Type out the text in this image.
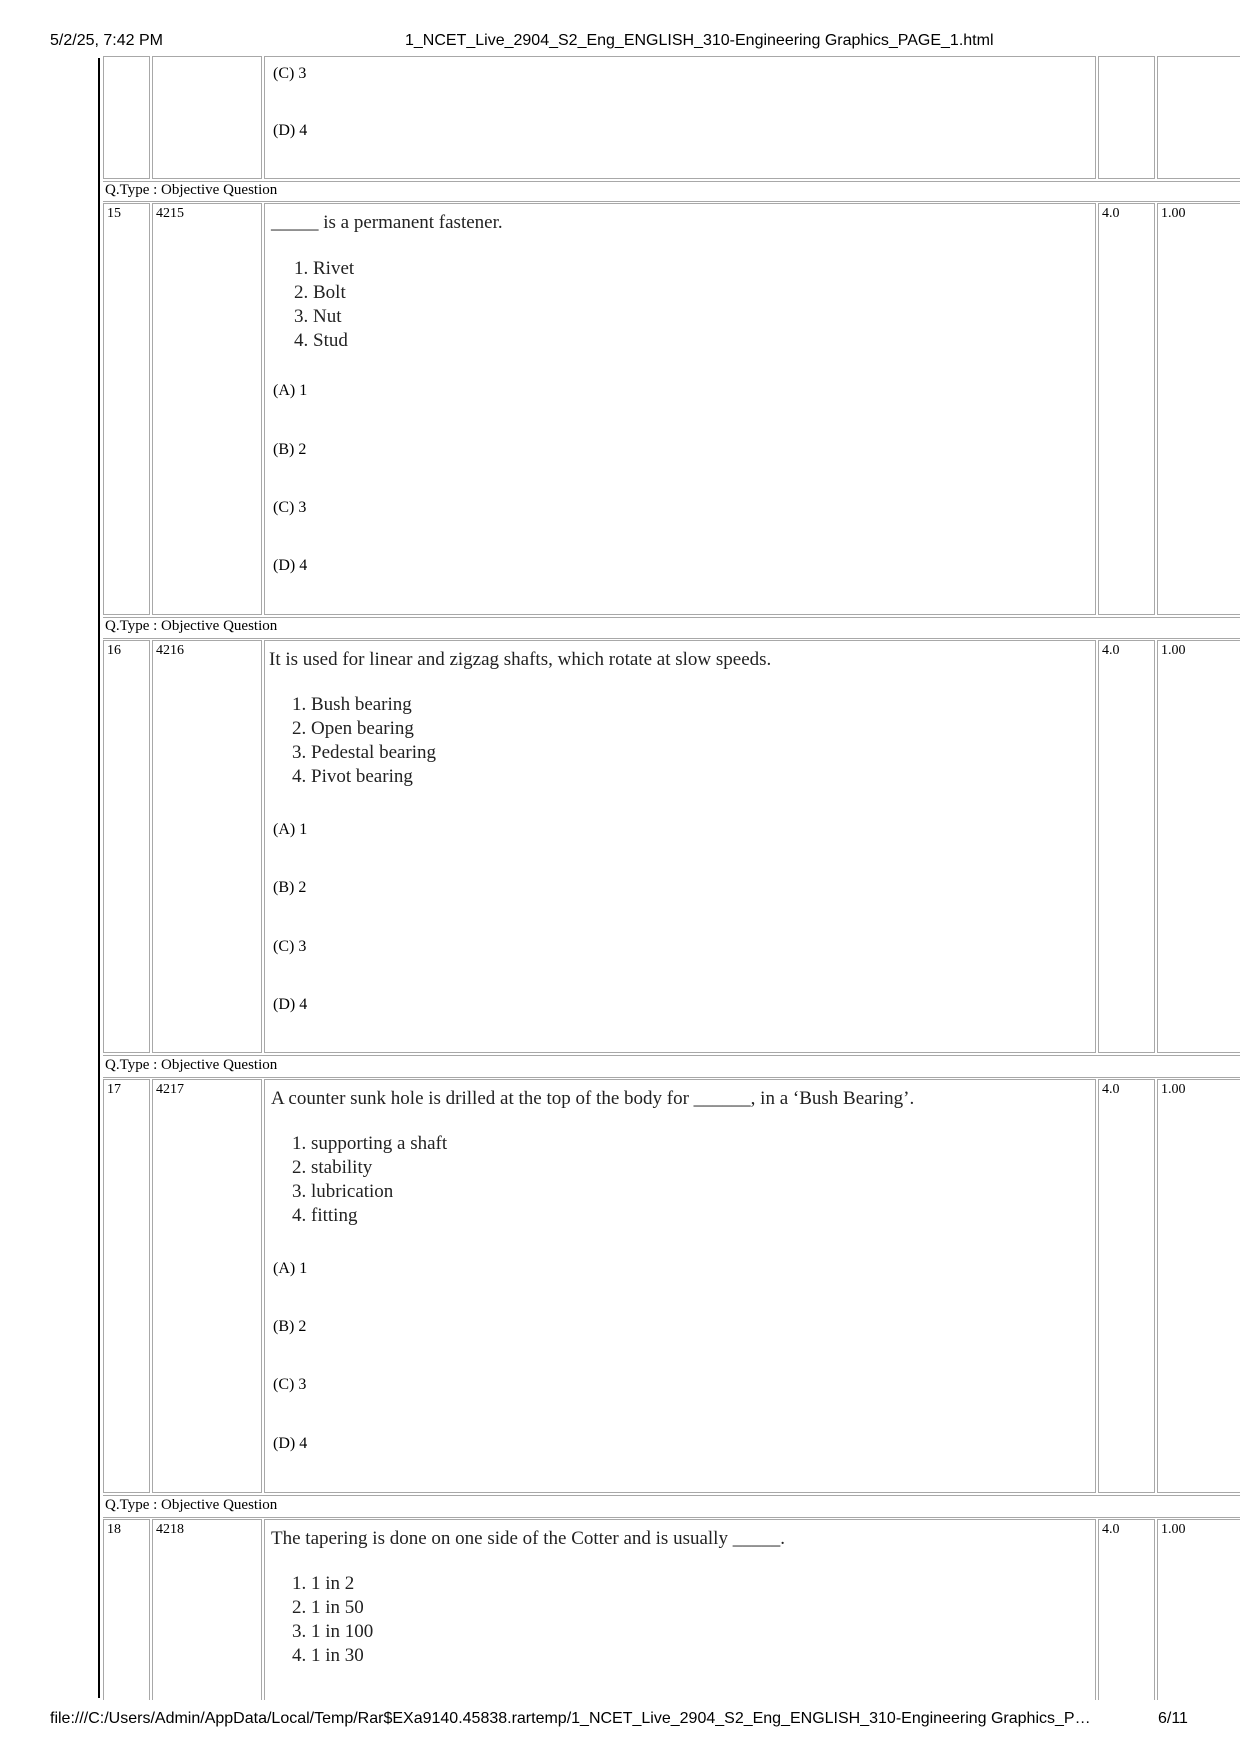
5/2/25, 7:42 PM	1_NCET_Live_2904_S2_Eng_ENGLISH_310-Engineering Graphics_PAGE_1.html
(C) 3
(D) 4
Q.Type : Objective Question
15	4215	_____ is a permanent fastener.
1. Rivet
2. Bolt
3. Nut
4. Stud
(A) 1
(B) 2
(C) 3
(D) 4
4.0	1.00
Q.Type : Objective Question
16	4216	It is used for linear and zigzag shafts, which rotate at slow speeds.
1. Bush bearing
2. Open bearing
3. Pedestal bearing
4. Pivot bearing
(A) 1
(B) 2
(C) 3
(D) 4
4.0	1.00
Q.Type : Objective Question
17	4217	A counter sunk hole is drilled at the top of the body for ______, in a ‘Bush Bearing’.
1. supporting a shaft
2. stability
3. lubrication
4. fitting
(A) 1
(B) 2
(C) 3
(D) 4
4.0	1.00
Q.Type : Objective Question
18	4218	The tapering is done on one side of the Cotter and is usually _____.
1. 1 in 2
2. 1 in 50
3. 1 in 100
4. 1 in 30
4.0	1.00
file:///C:/Users/Admin/AppData/Local/Temp/Rar$EXa9140.45838.rartemp/1_NCET_Live_2904_S2_Eng_ENGLISH_310-Engineering Graphics_P…	6/11
